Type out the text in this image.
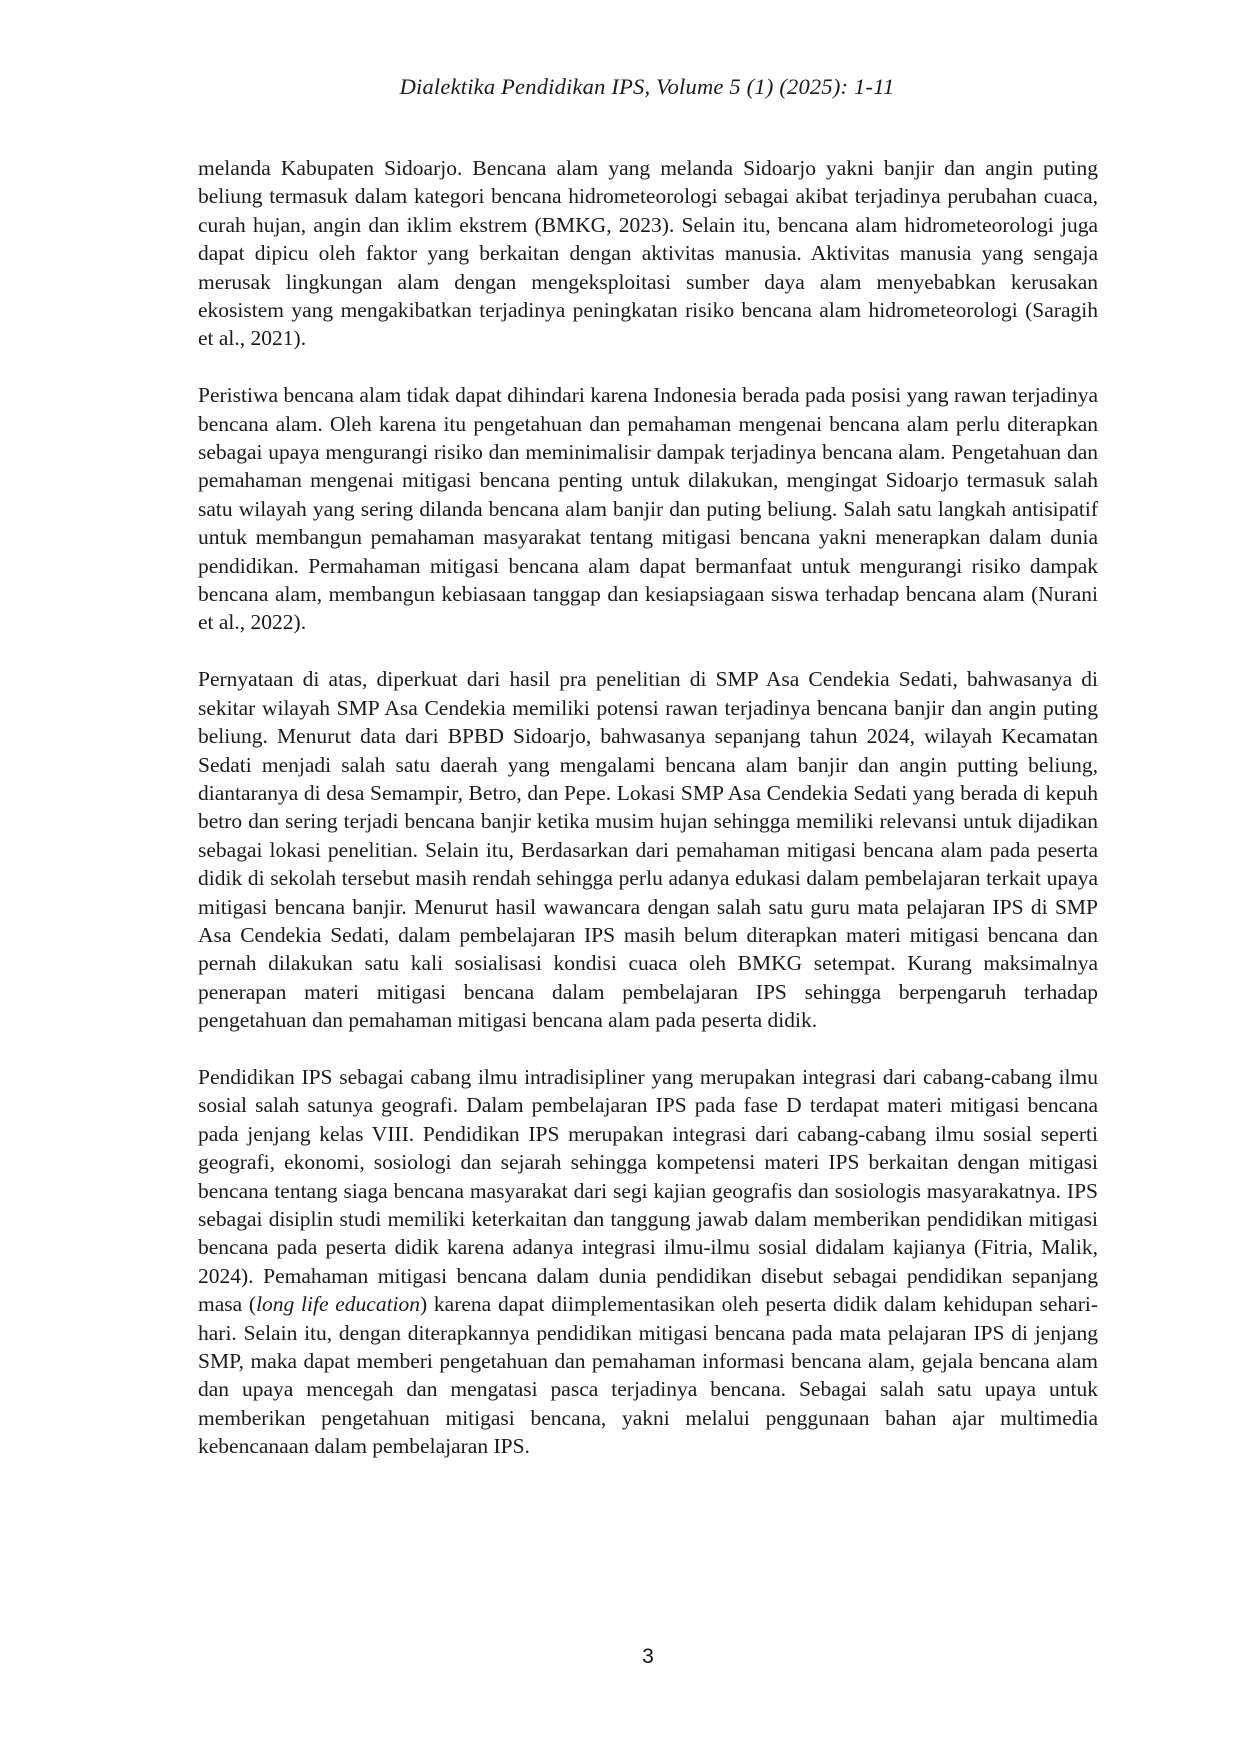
Dialektika Pendidikan IPS, Volume 5 (1) (2025): 1-11

melanda Kabupaten Sidoarjo. Bencana alam yang melanda Sidoarjo yakni banjir dan angin puting beliung termasuk dalam kategori bencana hidrometeorologi sebagai akibat terjadinya perubahan cuaca, curah hujan, angin dan iklim ekstrem (BMKG, 2023). Selain itu, bencana alam hidrometeorologi juga dapat dipicu oleh faktor yang berkaitan dengan aktivitas manusia. Aktivitas manusia yang sengaja merusak lingkungan alam dengan mengeksploitasi sumber daya alam menyebabkan kerusakan ekosistem yang mengakibatkan terjadinya peningkatan risiko bencana alam hidrometeorologi (Saragih et al., 2021).

Peristiwa bencana alam tidak dapat dihindari karena Indonesia berada pada posisi yang rawan terjadinya bencana alam. Oleh karena itu pengetahuan dan pemahaman mengenai bencana alam perlu diterapkan sebagai upaya mengurangi risiko dan meminimalisir dampak terjadinya bencana alam. Pengetahuan dan pemahaman mengenai mitigasi bencana penting untuk dilakukan, mengingat Sidoarjo termasuk salah satu wilayah yang sering dilanda bencana alam banjir dan puting beliung. Salah satu langkah antisipatif untuk membangun pemahaman masyarakat tentang mitigasi bencana yakni menerapkan dalam dunia pendidikan. Permahaman mitigasi bencana alam dapat bermanfaat untuk mengurangi risiko dampak bencana alam, membangun kebiasaan tanggap dan kesiapsiagaan siswa terhadap bencana alam (Nurani et al., 2022).

Pernyataan di atas, diperkuat dari hasil pra penelitian di SMP Asa Cendekia Sedati, bahwasanya di sekitar wilayah SMP Asa Cendekia memiliki potensi rawan terjadinya bencana banjir dan angin puting beliung. Menurut data dari BPBD Sidoarjo, bahwasanya sepanjang tahun 2024, wilayah Kecamatan Sedati menjadi salah satu daerah yang mengalami bencana alam banjir dan angin putting beliung, diantaranya di desa Semampir, Betro, dan Pepe. Lokasi SMP Asa Cendekia Sedati yang berada di kepuh betro dan sering terjadi bencana banjir ketika musim hujan sehingga memiliki relevansi untuk dijadikan sebagai lokasi penelitian. Selain itu, Berdasarkan dari pemahaman mitigasi bencana alam pada peserta didik di sekolah tersebut masih rendah sehingga perlu adanya edukasi dalam pembelajaran terkait upaya mitigasi bencana banjir. Menurut hasil wawancara dengan salah satu guru mata pelajaran IPS di SMP Asa Cendekia Sedati, dalam pembelajaran IPS masih belum diterapkan materi mitigasi bencana dan pernah dilakukan satu kali sosialisasi kondisi cuaca oleh BMKG setempat. Kurang maksimalnya penerapan materi mitigasi bencana dalam pembelajaran IPS sehingga berpengaruh terhadap pengetahuan dan pemahaman mitigasi bencana alam pada peserta didik.

Pendidikan IPS sebagai cabang ilmu intradisipliner yang merupakan integrasi dari cabang-cabang ilmu sosial salah satunya geografi. Dalam pembelajaran IPS pada fase D terdapat materi mitigasi bencana pada jenjang kelas VIII. Pendidikan IPS merupakan integrasi dari cabang-cabang ilmu sosial seperti geografi, ekonomi, sosiologi dan sejarah sehingga kompetensi materi IPS berkaitan dengan mitigasi bencana tentang siaga bencana masyarakat dari segi kajian geografis dan sosiologis masyarakatnya. IPS sebagai disiplin studi memiliki keterkaitan dan tanggung jawab dalam memberikan pendidikan mitigasi bencana pada peserta didik karena adanya integrasi ilmu-ilmu sosial didalam kajianya (Fitria, Malik, 2024). Pemahaman mitigasi bencana dalam dunia pendidikan disebut sebagai pendidikan sepanjang masa (long life education) karena dapat diimplementasikan oleh peserta didik dalam kehidupan sehari-hari. Selain itu, dengan diterapkannya pendidikan mitigasi bencana pada mata pelajaran IPS di jenjang SMP, maka dapat memberi pengetahuan dan pemahaman informasi bencana alam, gejala bencana alam dan upaya mencegah dan mengatasi pasca terjadinya bencana. Sebagai salah satu upaya untuk memberikan pengetahuan mitigasi bencana, yakni melalui penggunaan bahan ajar multimedia kebencanaan dalam pembelajaran IPS.

3
